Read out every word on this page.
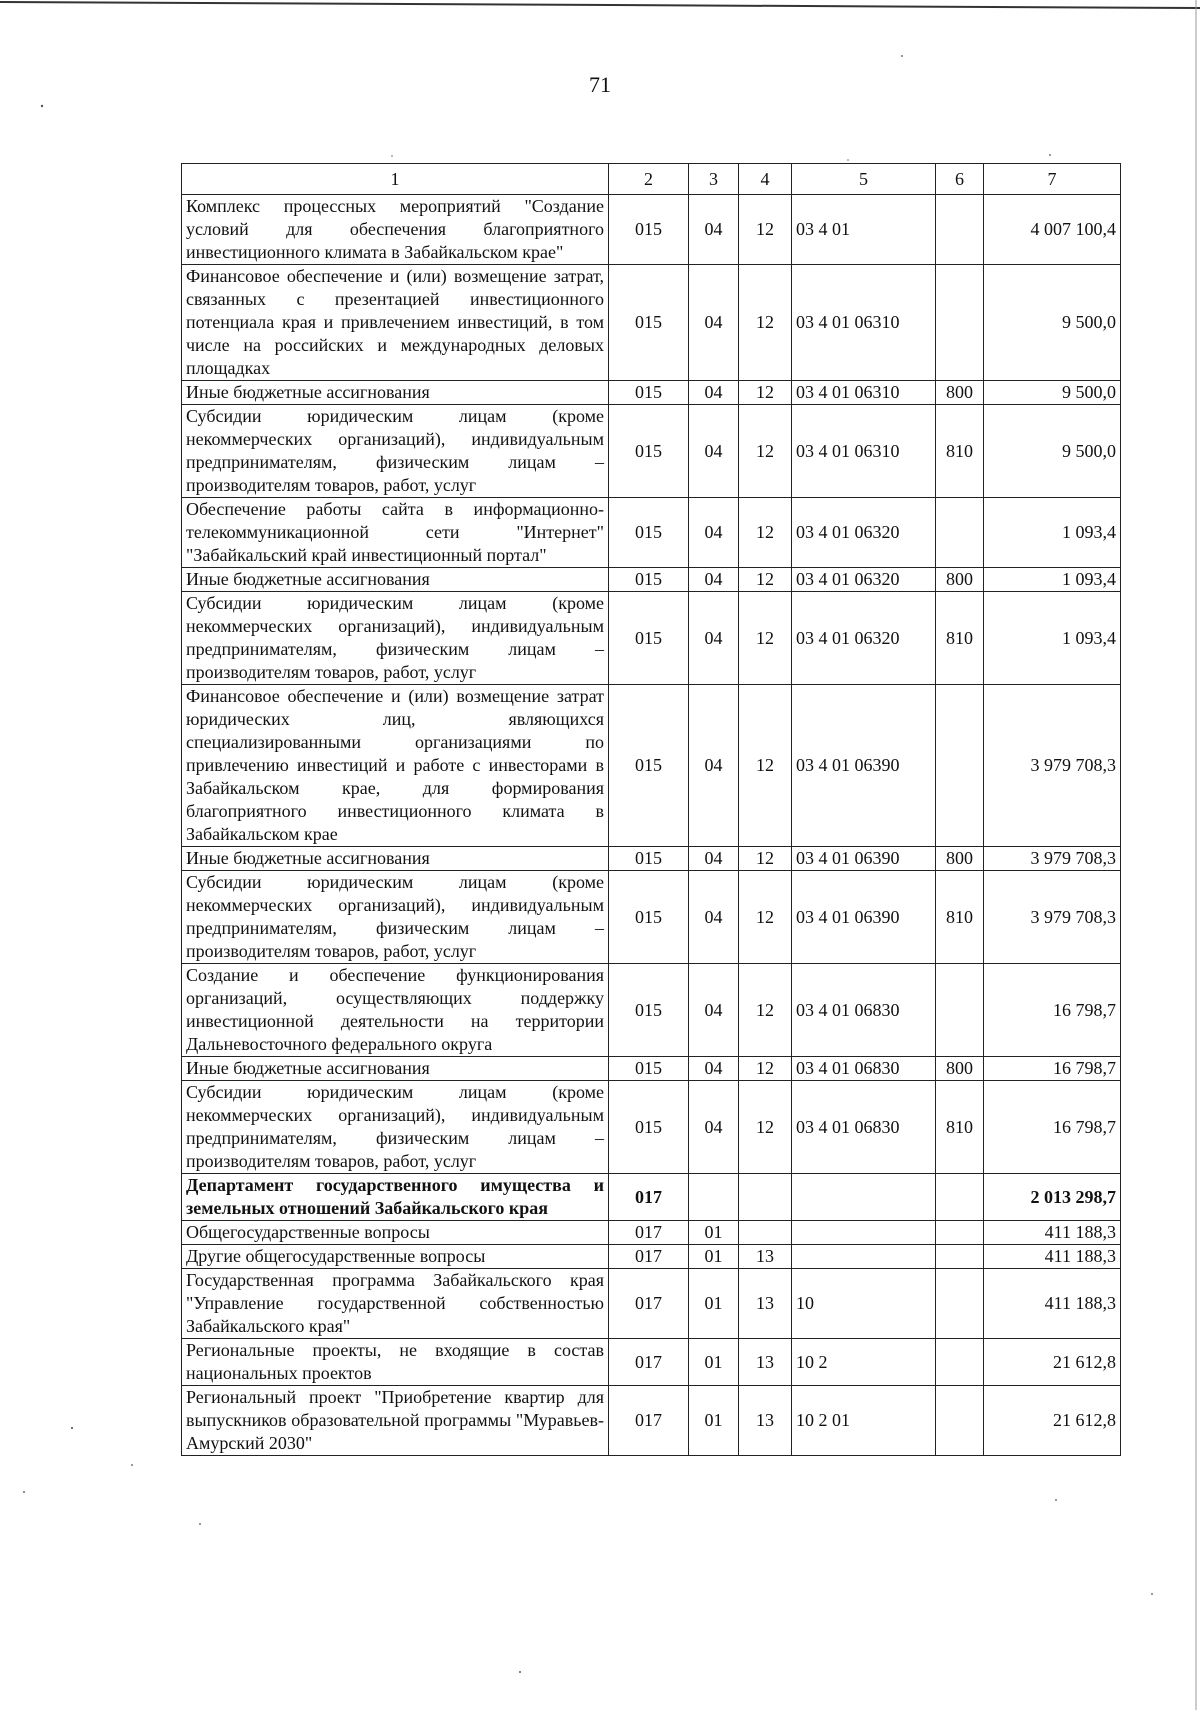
71
1	2	3	4	5	6	7
Комплекс процессных мероприятий "Создание условий для обеспечения благоприятного инвестиционного климата в Забайкальском крае"	015	04	12	03 4 01		4 007 100,4
Финансовое обеспечение и (или) возмещение затрат, связанных с презентацией инвестиционного потенциала края и привлечением инвестиций, в том числе на российских и международных деловых площадках	015	04	12	03 4 01 06310		9 500,0
Иные бюджетные ассигнования	015	04	12	03 4 01 06310	800	9 500,0
Субсидии юридическим лицам (кроме некоммерческих организаций), индивидуальным предпринимателям, физическим лицам – производителям товаров, работ, услуг	015	04	12	03 4 01 06310	810	9 500,0
Обеспечение работы сайта в информационно-телекоммуникационной сети "Интернет" "Забайкальский край инвестиционный портал"	015	04	12	03 4 01 06320		1 093,4
Иные бюджетные ассигнования	015	04	12	03 4 01 06320	800	1 093,4
Субсидии юридическим лицам (кроме некоммерческих организаций), индивидуальным предпринимателям, физическим лицам – производителям товаров, работ, услуг	015	04	12	03 4 01 06320	810	1 093,4
Финансовое обеспечение и (или) возмещение затрат юридических лиц, являющихся специализированными организациями по привлечению инвестиций и работе с инвесторами в Забайкальском крае, для формирования благоприятного инвестиционного климата в Забайкальском крае	015	04	12	03 4 01 06390		3 979 708,3
Иные бюджетные ассигнования	015	04	12	03 4 01 06390	800	3 979 708,3
Субсидии юридическим лицам (кроме некоммерческих организаций), индивидуальным предпринимателям, физическим лицам – производителям товаров, работ, услуг	015	04	12	03 4 01 06390	810	3 979 708,3
Создание и обеспечение функционирования организаций, осуществляющих поддержку инвестиционной деятельности на территории Дальневосточного федерального округа	015	04	12	03 4 01 06830		16 798,7
Иные бюджетные ассигнования	015	04	12	03 4 01 06830	800	16 798,7
Субсидии юридическим лицам (кроме некоммерческих организаций), индивидуальным предпринимателям, физическим лицам – производителям товаров, работ, услуг	015	04	12	03 4 01 06830	810	16 798,7
Департамент государственного имущества и земельных отношений Забайкальского края	017					2 013 298,7
Общегосударственные вопросы	017	01				411 188,3
Другие общегосударственные вопросы	017	01	13			411 188,3
Государственная программа Забайкальского края "Управление государственной собственностью Забайкальского края"	017	01	13	10		411 188,3
Региональные проекты, не входящие в состав национальных проектов	017	01	13	10 2		21 612,8
Региональный проект "Приобретение квартир для выпускников образовательной программы "Муравьев-Амурский 2030"	017	01	13	10 2 01		21 612,8
